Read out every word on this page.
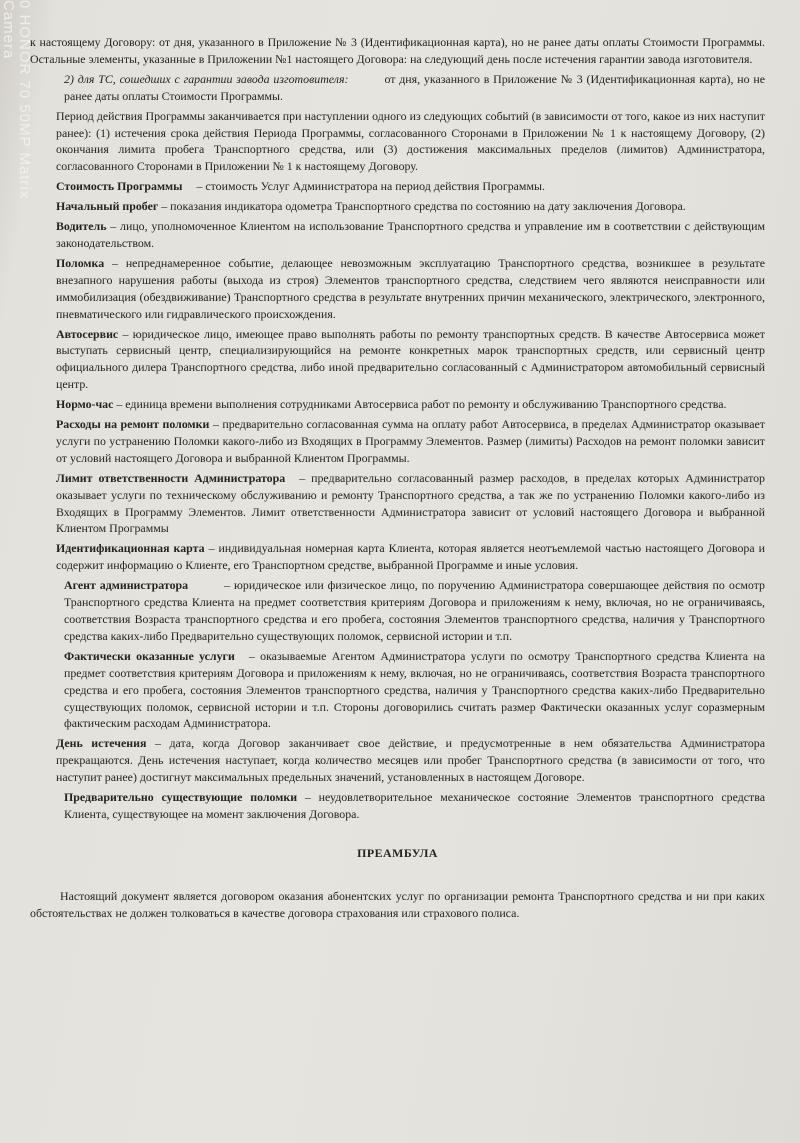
0 HONOR 70 50MP Matrix Camera	к настоящему Договору: от дня, указанного в Приложение № 3 (Идентификационная карта), но не ранее даты оплаты Стоимости Программы. Остальные элементы, указанные в Приложении №1 настоящего Договора: на следующий день после истечения гарантии завода изготовителя.

2) для ТС, сошедших с гарантии завода изготовителя:	от дня, указанного в Приложение № 3 (Идентификационная карта), но не ранее даты оплаты Стоимости Программы.

Период действия Программы заканчивается при наступлении одного из следующих событий (в зависимости от того, какое из них наступит ранее): (1) истечения срока действия Периода Программы, согласованного Сторонами в Приложении № 1 к настоящему Договору, (2) окончания лимита пробега Транспортного средства, или (3) достижения максимальных пределов (лимитов) Администратора, согласованного Сторонами в Приложении № 1 к настоящему Договору.

Стоимость Программы – стоимость Услуг Администратора на период действия Программы.

Начальный пробег – показания индикатора одометра Транспортного средства по состоянию на дату заключения Договора.

Водитель – лицо, уполномоченное Клиентом на использование Транспортного средства и управление им в соответствии с действующим законодательством.

Поломка – непреднамеренное событие, делающее невозможным эксплуатацию Транспортного средства, возникшее в результате внезапного нарушения работы (выхода из строя) Элементов транспортного средства, следствием чего являются неисправности или иммобилизация (обездвиживание) Транспортного средства в результате внутренних причин механического, электрического, электронного, пневматического или гидравлического происхождения.

Автосервис – юридическое лицо, имеющее право выполнять работы по ремонту транспортных средств. В качестве Автосервиса может выступать сервисный центр, специализирующийся на ремонте конкретных марок транспортных средств, или сервисный центр официального дилера Транспортного средства, либо иной предварительно согласованный с Администратором автомобильный сервисный центр.

Нормо-час – единица времени выполнения сотрудниками Автосервиса работ по ремонту и обслуживанию Транспортного средства.

Расходы на ремонт поломки – предварительно согласованная сумма на оплату работ Автосервиса, в пределах Администратор оказывает услуги по устранению Поломки какого-либо из Входящих в Программу Элементов. Размер (лимиты) Расходов на ремонт поломки зависит от условий настоящего Договора и выбранной Клиентом Программы.

Лимит ответственности Администратора – предварительно согласованный размер расходов, в пределах которых Администратор оказывает услуги по техническому обслуживанию и ремонту Транспортного средства, а так же по устранению Поломки какого-либо из Входящих в Программу Элементов. Лимит ответственности Администратора зависит от условий настоящего Договора и выбранной Клиентом Программы

Идентификационная карта – индивидуальная номерная карта Клиента, которая является неотъемлемой частью настоящего Договора и содержит информацию о Клиенте, его Транспортном средстве, выбранной Программе и иные условия.

Агент администратора	– юридическое или физическое лицо, по поручению Администратора совершающее действия по осмотр Транспортного средства Клиента на предмет соответствия критериям Договора и приложениям к нему, включая, но не ограничиваясь, соответствия Возраста транспортного средства и его пробега, состояния Элементов транспортного средства, наличия у Транспортного средства каких-либо Предварительно существующих поломок, сервисной истории и т.п.

Фактически оказанные услуги – оказываемые Агентом Администратора услуги по осмотру Транспортного средства Клиента на предмет соответствия критериям Договора и приложениям к нему, включая, но не ограничиваясь, соответствия Возраста транспортного средства и его пробега, состояния Элементов транспортного средства, наличия у Транспортного средства каких-либо Предварительно существующих поломок, сервисной истории и т.п. Стороны договорились считать размер Фактически оказанных услуг соразмерным фактическим расходам Администратора.

День истечения – дата, когда Договор заканчивает свое действие, и предусмотренные в нем обязательства Администратора прекращаются. День истечения наступает, когда количество месяцев или пробег Транспортного средства (в зависимости от того, что наступит ранее) достигнут максимальных предельных значений, установленных в настоящем Договоре.

Предварительно существующие поломки – неудовлетворительное механическое состояние Элементов транспортного средства Клиента, существующее на момент заключения Договора.

ПРЕАМБУЛА

Настоящий документ является договором оказания абонентских услуг по организации ремонта Транспортного средства и ни при каких обстоятельствах не должен толковаться в качестве договора страхования или страхового полиса.
